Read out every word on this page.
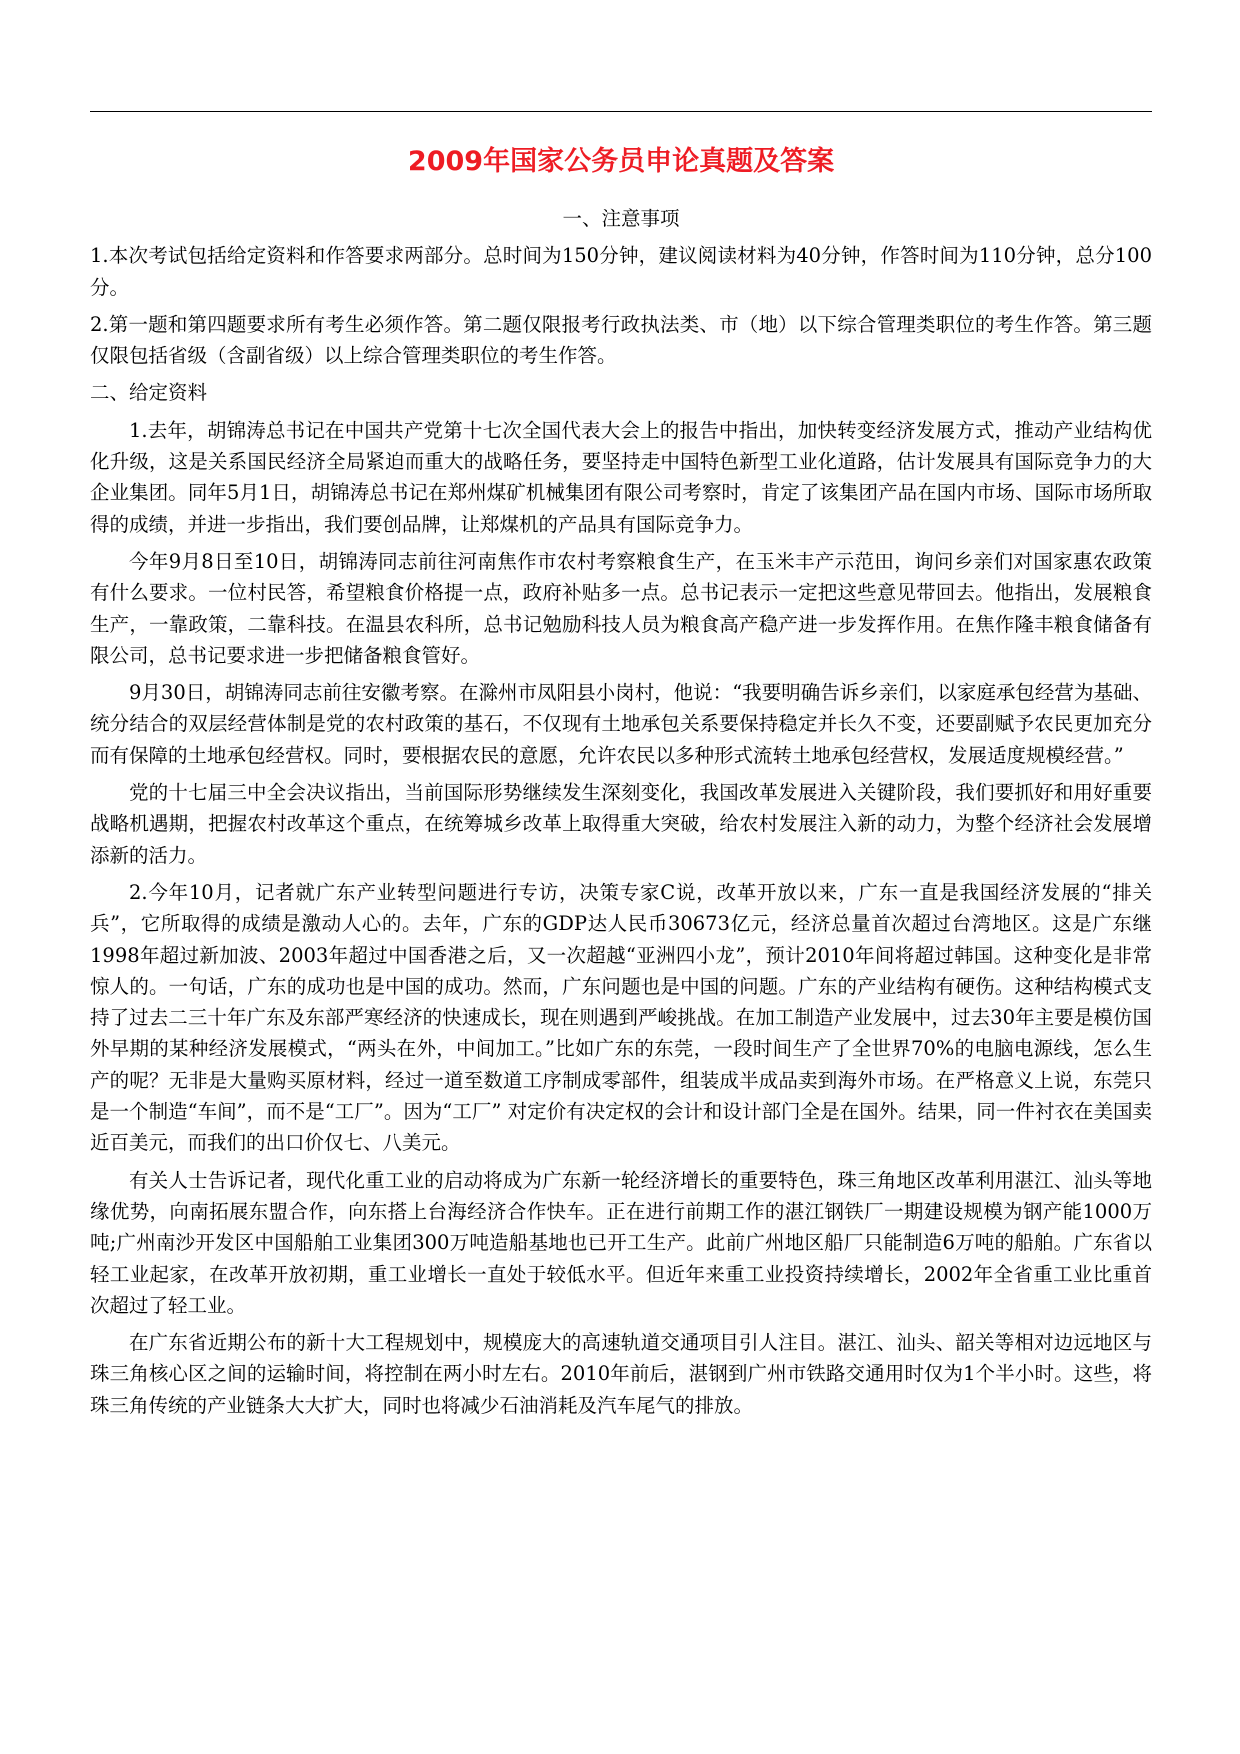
2009年国家公务员申论真题及答案

一、注意事项

1.本次考试包括给定资料和作答要求两部分。总时间为150分钟，建议阅读材料为40分钟，作答时间为110分钟，总分100分。

2.第一题和第四题要求所有考生必须作答。第二题仅限报考行政执法类、市（地）以下综合管理类职位的考生作答。第三题仅限包括省级（含副省级）以上综合管理类职位的考生作答。

二、给定资料

1.去年，胡锦涛总书记在中国共产党第十七次全国代表大会上的报告中指出，加快转变经济发展方式，推动产业结构优化升级，这是关系国民经济全局紧迫而重大的战略任务，要坚持走中国特色新型工业化道路，估计发展具有国际竞争力的大企业集团。同年5月1日，胡锦涛总书记在郑州煤矿机械集团有限公司考察时，肯定了该集团产品在国内市场、国际市场所取得的成绩，并进一步指出，我们要创品牌，让郑煤机的产品具有国际竞争力。

今年9月8日至10日，胡锦涛同志前往河南焦作市农村考察粮食生产，在玉米丰产示范田，询问乡亲们对国家惠农政策有什么要求。一位村民答，希望粮食价格提一点，政府补贴多一点。总书记表示一定把这些意见带回去。他指出，发展粮食生产，一靠政策，二靠科技。在温县农科所，总书记勉励科技人员为粮食高产稳产进一步发挥作用。在焦作隆丰粮食储备有限公司，总书记要求进一步把储备粮食管好。

9月30日，胡锦涛同志前往安徽考察。在滁州市凤阳县小岗村，他说：“我要明确告诉乡亲们，以家庭承包经营为基础、统分结合的双层经营体制是党的农村政策的基石，不仅现有土地承包关系要保持稳定并长久不变，还要副赋予农民更加充分而有保障的土地承包经营权。同时，要根据农民的意愿，允许农民以多种形式流转土地承包经营权，发展适度规模经营。”

党的十七届三中全会决议指出，当前国际形势继续发生深刻变化，我国改革发展进入关键阶段，我们要抓好和用好重要战略机遇期，把握农村改革这个重点，在统筹城乡改革上取得重大突破，给农村发展注入新的动力，为整个经济社会发展增添新的活力。

2.今年10月，记者就广东产业转型问题进行专访，决策专家C说，改革开放以来，广东一直是我国经济发展的“排关兵”，它所取得的成绩是激动人心的。去年，广东的GDP达人民币30673亿元，经济总量首次超过台湾地区。这是广东继1998年超过新加波、2003年超过中国香港之后，又一次超越“亚洲四小龙”，预计2010年间将超过韩国。这种变化是非常惊人的。一句话，广东的成功也是中国的成功。然而，广东问题也是中国的问题。广东的产业结构有硬伤。这种结构模式支持了过去二三十年广东及东部严寒经济的快速成长，现在则遇到严峻挑战。在加工制造产业发展中，过去30年主要是模仿国外早期的某种经济发展模式，“两头在外，中间加工。”比如广东的东莞，一段时间生产了全世界70%的电脑电源线，怎么生产的呢？无非是大量购买原材料，经过一道至数道工序制成零部件，组装成半成品卖到海外市场。在严格意义上说，东莞只是一个制造“车间”，而不是“工厂”。因为“工厂” 对定价有决定权的会计和设计部门全是在国外。结果，同一件衬衣在美国卖近百美元，而我们的出口价仅七、八美元。

有关人士告诉记者，现代化重工业的启动将成为广东新一轮经济增长的重要特色，珠三角地区改革利用湛江、汕头等地缘优势，向南拓展东盟合作，向东搭上台海经济合作快车。正在进行前期工作的湛江钢铁厂一期建设规模为钢产能1000万吨;广州南沙开发区中国船舶工业集团300万吨造船基地也已开工生产。此前广州地区船厂只能制造6万吨的船舶。广东省以轻工业起家，在改革开放初期，重工业增长一直处于较低水平。但近年来重工业投资持续增长，2002年全省重工业比重首次超过了轻工业。

在广东省近期公布的新十大工程规划中，规模庞大的高速轨道交通项目引人注目。湛江、汕头、韶关等相对边远地区与珠三角核心区之间的运输时间，将控制在两小时左右。2010年前后，湛钢到广州市铁路交通用时仅为1个半小时。这些，将珠三角传统的产业链条大大扩大，同时也将减少石油消耗及汽车尾气的排放。
